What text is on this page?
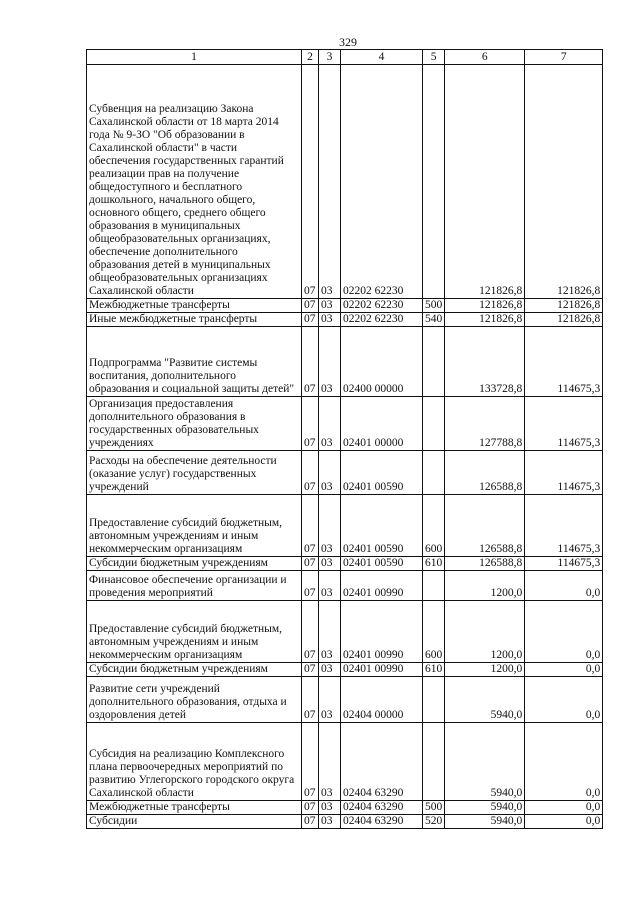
329
1	2	3	4	5	6	7
Субвенция на реализацию Закона Сахалинской области от 18 марта 2014 года № 9-ЗО "Об образовании в Сахалинской области" в части обеспечения государственных гарантий реализации прав на получение общедоступного и бесплатного дошкольного, начального общего, основного общего, среднего общего образования в муниципальных общеобразовательных организациях, обеспечение дополнительного образования детей в муниципальных общеобразовательных организациях Сахалинской области	07	03	02202 62230		121826,8	121826,8
Межбюджетные трансферты	07	03	02202 62230	500	121826,8	121826,8
Иные межбюджетные трансферты	07	03	02202 62230	540	121826,8	121826,8
Подпрограмма "Развитие системы воспитания, дополнительного образования и социальной защиты детей"	07	03	02400 00000		133728,8	114675,3
Организация предоставления дополнительного образования в государственных образовательных учреждениях	07	03	02401 00000		127788,8	114675,3
Расходы на обеспечение деятельности (оказание услуг) государственных учреждений	07	03	02401 00590		126588,8	114675,3
Предоставление субсидий бюджетным, автономным учреждениям и иным некоммерческим организациям	07	03	02401 00590	600	126588,8	114675,3
Субсидии бюджетным учреждениям	07	03	02401 00590	610	126588,8	114675,3
Финансовое обеспечение организации и проведения мероприятий	07	03	02401 00990		1200,0	0,0
Предоставление субсидий бюджетным, автономным учреждениям и иным некоммерческим организациям	07	03	02401 00990	600	1200,0	0,0
Субсидии бюджетным учреждениям	07	03	02401 00990	610	1200,0	0,0
Развитие сети учреждений дополнительного образования, отдыха и оздоровления детей	07	03	02404 00000		5940,0	0,0
Субсидия на реализацию Комплексного плана первоочередных мероприятий по развитию Углегорского городского округа Сахалинской области	07	03	02404 63290		5940,0	0,0
Межбюджетные трансферты	07	03	02404 63290	500	5940,0	0,0
Субсидии	07	03	02404 63290	520	5940,0	0,0
